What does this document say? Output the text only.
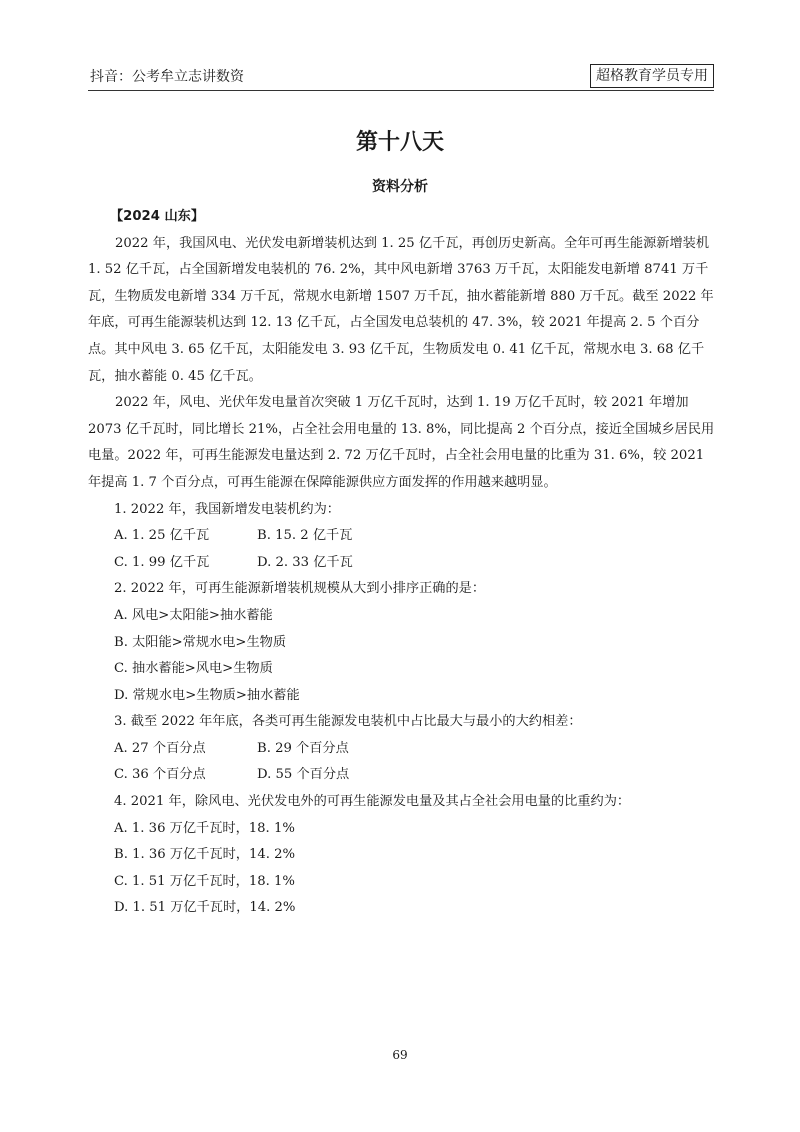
抖音：公考牟立志讲数资	超格教育学员专用
第十八天
资料分析

【2024 山东】

2022 年，我国风电、光伏发电新增装机达到 1. 25 亿千瓦，再创历史新高。全年可再生能源新增装机 1. 52 亿千瓦，占全国新增发电装机的 76. 2%，其中风电新增 3763 万千瓦，太阳能发电新增 8741 万千瓦，生物质发电新增 334 万千瓦，常规水电新增 1507 万千瓦，抽水蓄能新增 880 万千瓦。截至 2022 年年底，可再生能源装机达到 12. 13 亿千瓦，占全国发电总装机的 47. 3%，较 2021 年提高 2. 5 个百分点。其中风电 3. 65 亿千瓦，太阳能发电 3. 93 亿千瓦，生物质发电 0. 41 亿千瓦，常规水电 3. 68 亿千瓦，抽水蓄能 0. 45 亿千瓦。

2022 年，风电、光伏年发电量首次突破 1 万亿千瓦时，达到 1. 19 万亿千瓦时，较 2021 年增加 2073 亿千瓦时，同比增长 21%，占全社会用电量的 13. 8%，同比提高 2 个百分点，接近全国城乡居民用电量。2022 年，可再生能源发电量达到 2. 72 万亿千瓦时，占全社会用电量的比重为 31. 6%，较 2021 年提高 1. 7 个百分点，可再生能源在保障能源供应方面发挥的作用越来越明显。

1. 2022 年，我国新增发电装机约为：

A. 1. 25 亿千瓦	B. 15. 2 亿千瓦
C. 1. 99 亿千瓦	D. 2. 33 亿千瓦

2. 2022 年，可再生能源新增装机规模从大到小排序正确的是：

A. 风电>太阳能>抽水蓄能

B. 太阳能>常规水电>生物质

C. 抽水蓄能>风电>生物质

D. 常规水电>生物质>抽水蓄能

3. 截至 2022 年年底，各类可再生能源发电装机中占比最大与最小的大约相差：

A. 27 个百分点	B. 29 个百分点
C. 36 个百分点	D. 55 个百分点

4. 2021 年，除风电、光伏发电外的可再生能源发电量及其占全社会用电量的比重约为：

A. 1. 36 万亿千瓦时，18. 1%

B. 1. 36 万亿千瓦时，14. 2%

C. 1. 51 万亿千瓦时，18. 1%

D. 1. 51 万亿千瓦时，14. 2%

69
